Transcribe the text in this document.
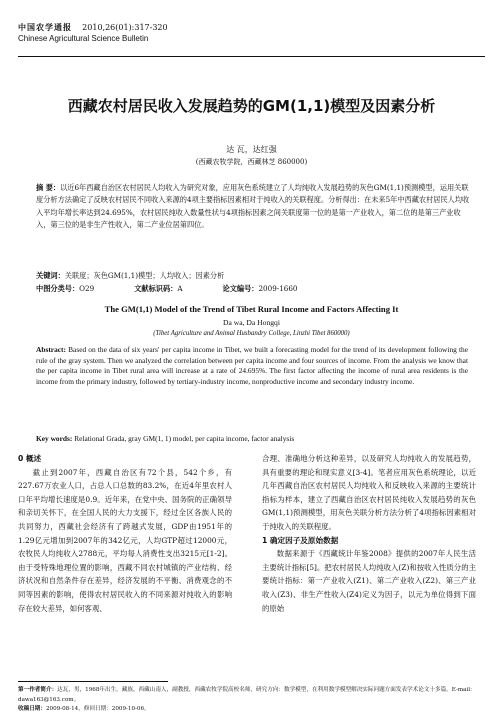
中国农学通报 2010,26(01):317-320
Chinese Agricultural Science Bulletin
西藏农村居民收入发展趋势的GM(1,1)模型及因素分析
达 瓦，达红强
(西藏农牧学院，西藏林芝 860000)
摘 要：以近6年西藏自治区农村居民人均收入为研究对象，应用灰色系统建立了人均纯收入发展趋势的灰色GM(1,1)预测模型，运用关联度分析方法确定了反映农村居民不同收入来源的4项主要指标因素相对于纯收入的关联程度。分析得出：在未来5年中西藏农村居民人均收入平均年增长率达到24.695%，农村居民纯收入数量性状与4项指标因素之间关联度第一位的是第一产业收入，第二位的是第三产业收入，第三位的是非生产性收入，第二产业位居第四位。
关键词：关联度；灰色GM(1,1)模型；人均收入；因素分析
中图分类号：O29	文献标识码：A	论文编号：2009-1660
The GM(1,1) Model of the Trend of Tibet Rural Income and Factors Affecting It
Da wa, Da Hongqi
(Tibet Agriculture and Animal Husbandry College, Linzhi Tibet 860000)
Abstract: Based on the data of six years' per capita income in Tibet, we built a forecasting model for the trend of its development following the rule of the gray system. Then we analyzed the correlation between per capita income and four sources of income. From the analysis we know that the per capita income in Tibet rural area will increase at a rate of 24.695%. The first factor affecting the income of rural area residents is the income from the primary industry, followed by tertiary-industry income, nonproductive income and secondary industry income.
Key words: Relational Grada, gray GM(1, 1) model, per capita income, factor analysis
0 概述

截止到2007年，西藏自治区有72个县，542个乡，有227.67万农业人口，占总人口总数的83.2%，在近4年里农村人口年平均增长速度是0.9。近年来，在党中央、国务院的正确领导和亲切关怀下，在全国人民的大力支援下，经过全区各族人民的共同努力，西藏社会经济有了跨越式发展，GDP由1951年的1.29亿元增加到2007年的342亿元，人均GTP超过12000元，农牧民人均纯收入2788元，平均每人消费性支出3215元[1-2]。由于受特殊地理位置的影响，西藏不同农村城镇的产业结构、经济状况和自然条件存在差异，经济发展的不平衡、消费观念的不同等因素的影响，使得农村居民收入的不同来源对纯收入的影响存在较大差异，如何客观、

合理、准确地分析这种差异，以及研究人均纯收入的发展趋势，具有重要的理论和现实意义[3-4]。笔者应用灰色系统理论，以近几年西藏自治区农村居民人均纯收入和反映收入来源的主要统计指标为样本，建立了西藏自治区农村居民纯收入发展趋势的灰色GM(1,1)预测模型，用灰色关联分析方法分析了4项指标因素相对于纯收入的关联程度。

1 确定因子及原始数据

数据来源于《西藏统计年鉴2008》提供的2007年人民生活主要统计指标[5]。把农村居民人均纯收入(Z)和按收入性质分的主要统计指标：第一产业收入(Z1)、第二产业收入(Z2)、第三产业收入(Z3)、非生产性收入(Z4)定义为因子，以元为单位得到下面的原始

第一作者简介：达瓦，男，1968年出生，藏族，西藏山南人，副教授，西藏农牧学院高校名师，研究方向：数学模型，在利用数学模型解决实际问题方面发表学术论文十多篇。E-mail: dawa163@163.com。
收稿日期：2009-08-14，修回日期：2009-10-06。
